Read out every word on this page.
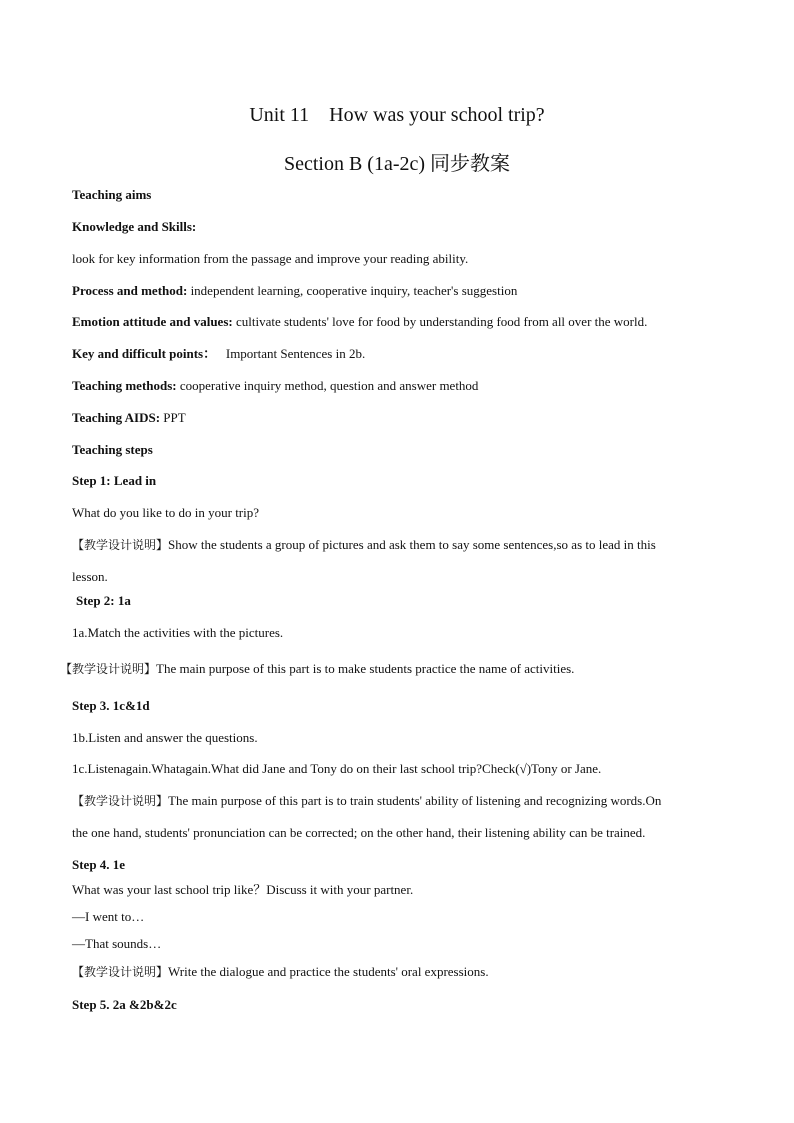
Unit 11    How was your school trip?
Section B (1a-2c) 同步教案
Teaching aims
Knowledge and Skills:
look for key information from the passage and improve your reading ability.
Process and method: independent learning, cooperative inquiry, teacher's suggestion
Emotion attitude and values: cultivate students' love for food by understanding food from all over the world.
Key and difficult points：   Important Sentences in 2b.
Teaching methods: cooperative inquiry method, question and answer method
Teaching AIDS: PPT
Teaching steps
Step 1: Lead in
What do you like to do in your trip?
【教学设计说明】Show the students a group of pictures and ask them to say some sentences,so as to lead in this
lesson.
Step 2: 1a
1a.Match the activities with the pictures.
【教学设计说明】The main purpose of this part is to make students practice the name of activities.
Step 3. 1c&1d
1b.Listen and answer the questions.
1c.Listenagain.Whatagain.What did Jane and Tony do on their last school trip?Check(√)Tony or Jane.
【教学设计说明】The main purpose of this part is to train students' ability of listening and recognizing words.On
the one hand, students' pronunciation can be corrected; on the other hand, their listening ability can be trained.
Step 4. 1e
What was your last school trip like？Discuss it with your partner.
—I went to…
—That sounds…
【教学设计说明】Write the dialogue and practice the students' oral expressions.
Step 5. 2a &2b&2c
